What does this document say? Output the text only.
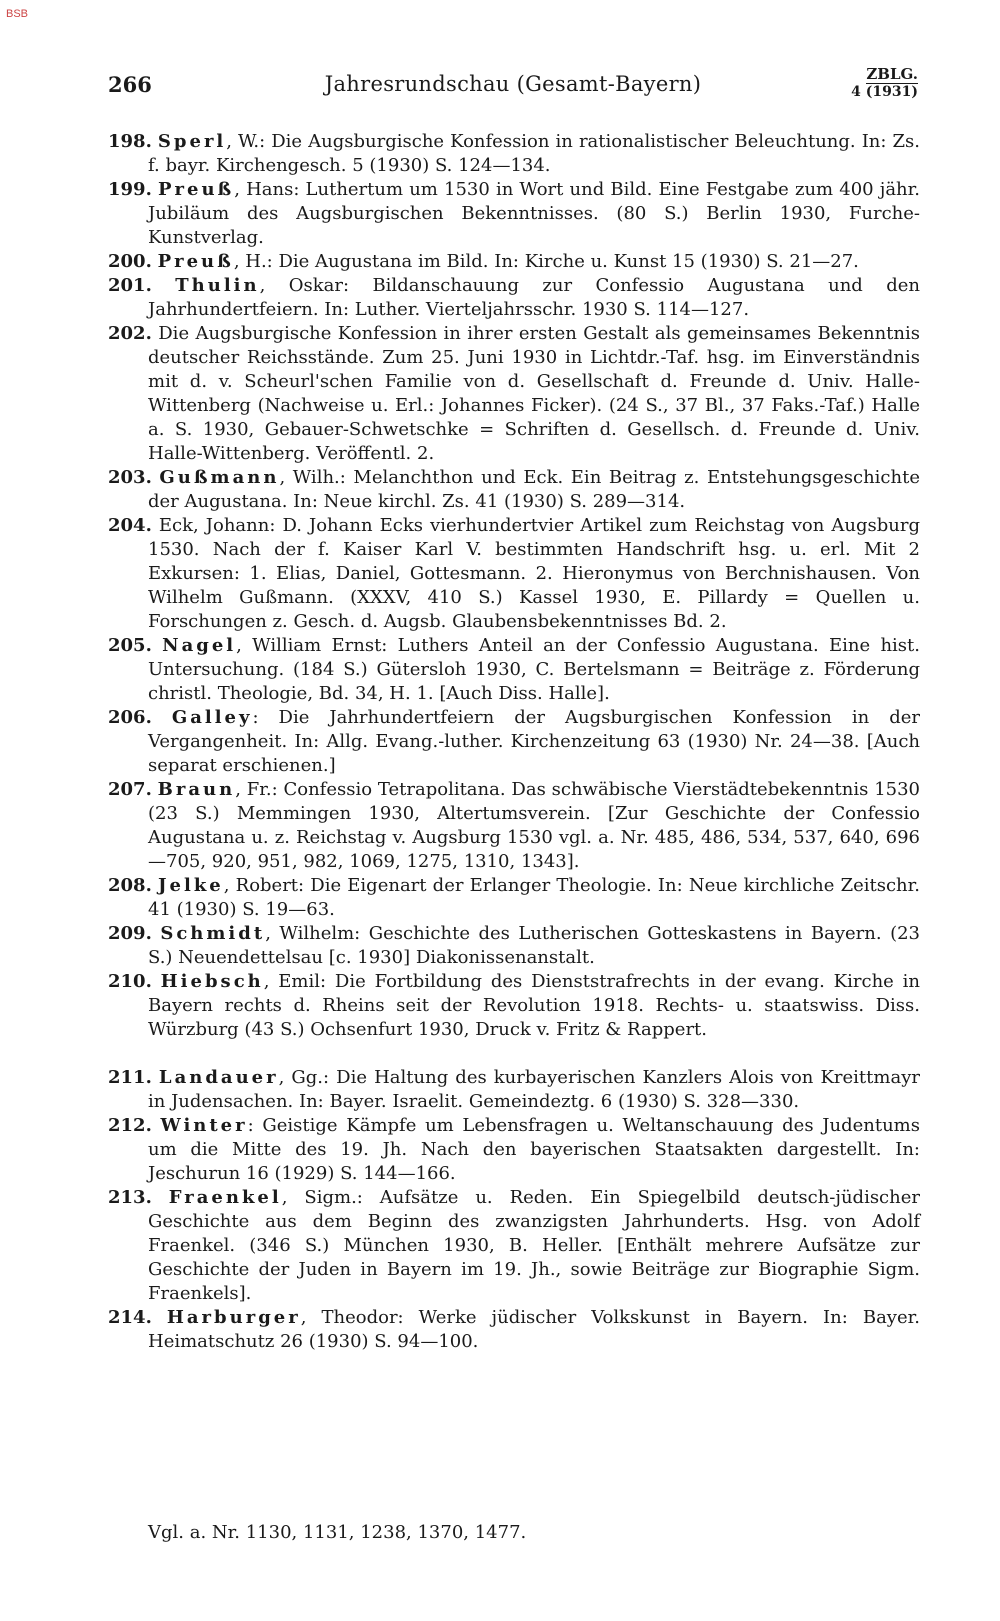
BSB
266	Jahresrundschau (Gesamt-Bayern)	ZBLG.
4 (1931)

198. Sperl, W.: Die Augsburgische Konfession in rationalistischer Beleuchtung. In: Zs. f. bayr. Kirchengesch. 5 (1930) S. 124—134.

199. Preuß, Hans: Luthertum um 1530 in Wort und Bild. Eine Festgabe zum 400 jähr. Jubiläum des Augsburgischen Bekenntnisses. (80 S.) Berlin 1930, Furche-Kunstverlag.

200. Preuß, H.: Die Augustana im Bild. In: Kirche u. Kunst 15 (1930) S. 21—27.

201. Thulin, Oskar: Bildanschauung zur Confessio Augustana und den Jahrhundertfeiern. In: Luther. Vierteljahrsschr. 1930 S. 114—127.

202. Die Augsburgische Konfession in ihrer ersten Gestalt als gemeinsames Bekenntnis deutscher Reichsstände. Zum 25. Juni 1930 in Lichtdr.-Taf. hsg. im Einverständnis mit d. v. Scheurl'schen Familie von d. Gesellschaft d. Freunde d. Univ. Halle-Wittenberg (Nachweise u. Erl.: Johannes Ficker). (24 S., 37 Bl., 37 Faks.-Taf.) Halle a. S. 1930, Gebauer-Schwetschke = Schriften d. Gesellsch. d. Freunde d. Univ. Halle-Wittenberg. Veröffentl. 2.

203. Gußmann, Wilh.: Melanchthon und Eck. Ein Beitrag z. Entstehungsgeschichte der Augustana. In: Neue kirchl. Zs. 41 (1930) S. 289—314.

204. Eck, Johann: D. Johann Ecks vierhundertvier Artikel zum Reichstag von Augsburg 1530. Nach der f. Kaiser Karl V. bestimmten Handschrift hsg. u. erl. Mit 2 Exkursen: 1. Elias, Daniel, Gottesmann. 2. Hieronymus von Berchnishausen. Von Wilhelm Gußmann. (XXXV, 410 S.) Kassel 1930, E. Pillardy = Quellen u. Forschungen z. Gesch. d. Augsb. Glaubensbekenntnisses Bd. 2.

205. Nagel, William Ernst: Luthers Anteil an der Confessio Augustana. Eine hist. Untersuchung. (184 S.) Gütersloh 1930, C. Bertelsmann = Beiträge z. Förderung christl. Theologie, Bd. 34, H. 1. [Auch Diss. Halle].

206. Galley: Die Jahrhundertfeiern der Augsburgischen Konfession in der Vergangenheit. In: Allg. Evang.-luther. Kirchenzeitung 63 (1930) Nr. 24—38. [Auch separat erschienen.]

207. Braun, Fr.: Confessio Tetrapolitana. Das schwäbische Vierstädtebekenntnis 1530 (23 S.) Memmingen 1930, Altertumsverein. [Zur Geschichte der Confessio Augustana u. z. Reichstag v. Augsburg 1530 vgl. a. Nr. 485, 486, 534, 537, 640, 696—705, 920, 951, 982, 1069, 1275, 1310, 1343].

208. Jelke, Robert: Die Eigenart der Erlanger Theologie. In: Neue kirchliche Zeitschr. 41 (1930) S. 19—63.

209. Schmidt, Wilhelm: Geschichte des Lutherischen Gotteskastens in Bayern. (23 S.) Neuendettelsau [c. 1930] Diakonissenanstalt.

210. Hiebsch, Emil: Die Fortbildung des Dienststrafrechts in der evang. Kirche in Bayern rechts d. Rheins seit der Revolution 1918. Rechts- u. staatswiss. Diss. Würzburg (43 S.) Ochsenfurt 1930, Druck v. Fritz & Rappert.

211. Landauer, Gg.: Die Haltung des kurbayerischen Kanzlers Alois von Kreittmayr in Judensachen. In: Bayer. Israelit. Gemeindeztg. 6 (1930) S. 328—330.

212. Winter: Geistige Kämpfe um Lebensfragen u. Weltanschauung des Judentums um die Mitte des 19. Jh. Nach den bayerischen Staatsakten dargestellt. In: Jeschurun 16 (1929) S. 144—166.

213. Fraenkel, Sigm.: Aufsätze u. Reden. Ein Spiegelbild deutsch-jüdischer Geschichte aus dem Beginn des zwanzigsten Jahrhunderts. Hsg. von Adolf Fraenkel. (346 S.) München 1930, B. Heller. [Enthält mehrere Aufsätze zur Geschichte der Juden in Bayern im 19. Jh., sowie Beiträge zur Biographie Sigm. Fraenkels].

214. Harburger, Theodor: Werke jüdischer Volkskunst in Bayern. In: Bayer. Heimatschutz 26 (1930) S. 94—100.

Vgl. a. Nr. 1130, 1131, 1238, 1370, 1477.
